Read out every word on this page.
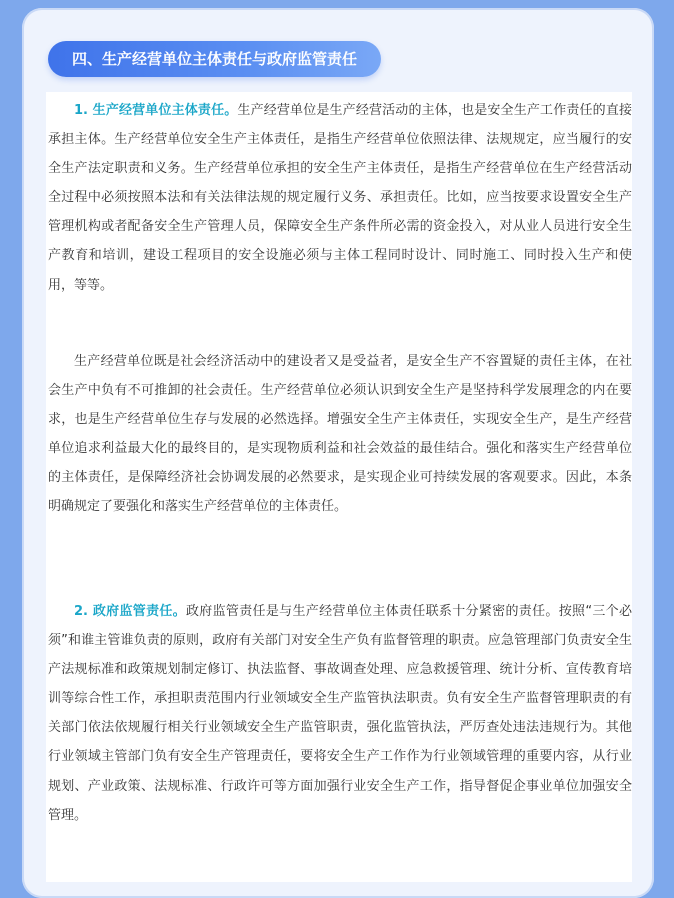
四、生产经营单位主体责任与政府监管责任

1. 生产经营单位主体责任。生产经营单位是生产经营活动的主体，也是安全生产工作责任的直接承担主体。生产经营单位安全生产主体责任，是指生产经营单位依照法律、法规规定，应当履行的安全生产法定职责和义务。生产经营单位承担的安全生产主体责任，是指生产经营单位在生产经营活动全过程中必须按照本法和有关法律法规的规定履行义务、承担责任。比如，应当按要求设置安全生产管理机构或者配备安全生产管理人员，保障安全生产条件所必需的资金投入，对从业人员进行安全生产教育和培训，建设工程项目的安全设施必须与主体工程同时设计、同时施工、同时投入生产和使用，等等。

生产经营单位既是社会经济活动中的建设者又是受益者，是安全生产不容置疑的责任主体，在社会生产中负有不可推卸的社会责任。生产经营单位必须认识到安全生产是坚持科学发展理念的内在要求，也是生产经营单位生存与发展的必然选择。增强安全生产主体责任，实现安全生产，是生产经营单位追求利益最大化的最终目的，是实现物质利益和社会效益的最佳结合。强化和落实生产经营单位的主体责任，是保障经济社会协调发展的必然要求，是实现企业可持续发展的客观要求。因此，本条明确规定了要强化和落实生产经营单位的主体责任。

2. 政府监管责任。政府监管责任是与生产经营单位主体责任联系十分紧密的责任。按照“三个必须”和谁主管谁负责的原则，政府有关部门对安全生产负有监督管理的职责。应急管理部门负责安全生产法规标准和政策规划制定修订、执法监督、事故调查处理、应急救援管理、统计分析、宣传教育培训等综合性工作，承担职责范围内行业领域安全生产监管执法职责。负有安全生产监督管理职责的有关部门依法依规履行相关行业领域安全生产监管职责，强化监管执法，严厉查处违法违规行为。其他行业领域主管部门负有安全生产管理责任，要将安全生产工作作为行业领域管理的重要内容，从行业规划、产业政策、法规标准、行政许可等方面加强行业安全生产工作，指导督促企事业单位加强安全管理。
